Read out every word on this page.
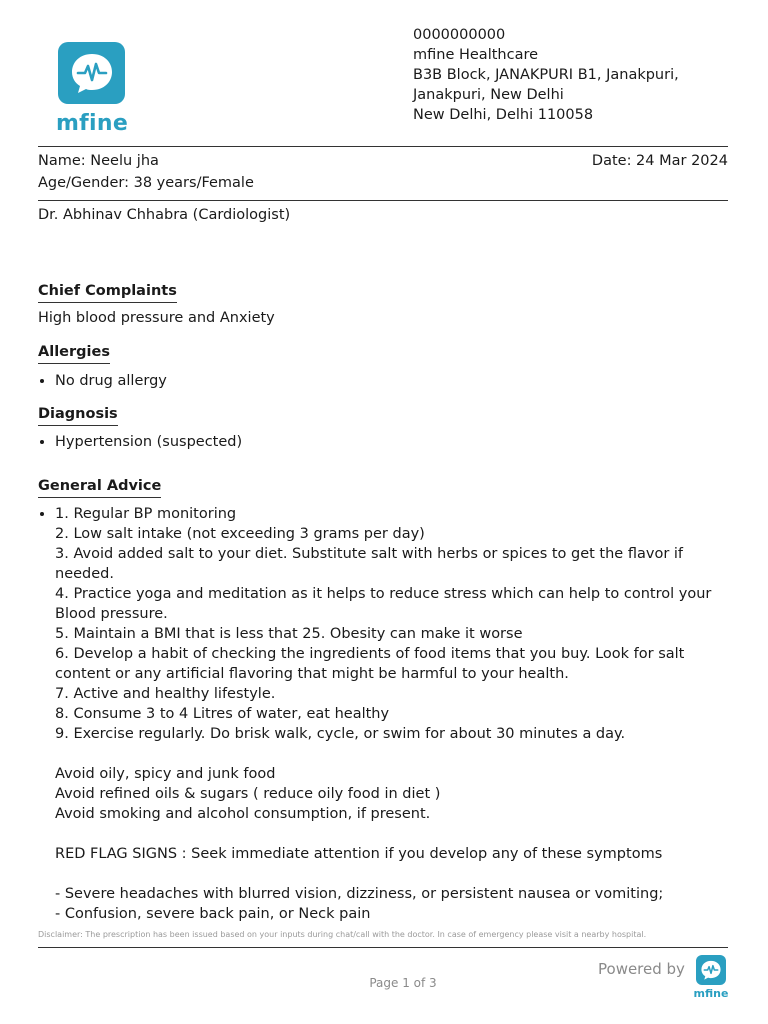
mfine
0000000000
mfine Healthcare
B3B Block, JANAKPURI B1, Janakpuri,
Janakpuri, New Delhi
New Delhi, Delhi 110058
Name: Neelu jha	Date: 24 Mar 2024
Age/Gender: 38 years/Female
Dr. Abhinav Chhabra (Cardiologist)
Chief Complaints
High blood pressure and Anxiety
Allergies
• No drug allergy
Diagnosis
• Hypertension (suspected)
General Advice
• 1. Regular BP monitoring
2. Low salt intake (not exceeding 3 grams per day)
3. Avoid added salt to your diet. Substitute salt with herbs or spices to get the flavor if
needed.
4. Practice yoga and meditation as it helps to reduce stress which can help to control your
Blood pressure.
5. Maintain a BMI that is less that 25. Obesity can make it worse
6. Develop a habit of checking the ingredients of food items that you buy. Look for salt
content or any artificial flavoring that might be harmful to your health.
7. Active and healthy lifestyle.
8. Consume 3 to 4 Litres of water, eat healthy
9. Exercise regularly. Do brisk walk, cycle, or swim for about 30 minutes a day.
Avoid oily, spicy and junk food
Avoid refined oils & sugars ( reduce oily food in diet )
Avoid smoking and alcohol consumption, if present.
RED FLAG SIGNS : Seek immediate attention if you develop any of these symptoms
- Severe headaches with blurred vision, dizziness, or persistent nausea or vomiting;
- Confusion, severe back pain, or Neck pain
Disclaimer: The prescription has been issued based on your inputs during chat/call with the doctor. In case of emergency please visit a nearby hospital.
Powered by
mfine
Page 1 of 3
